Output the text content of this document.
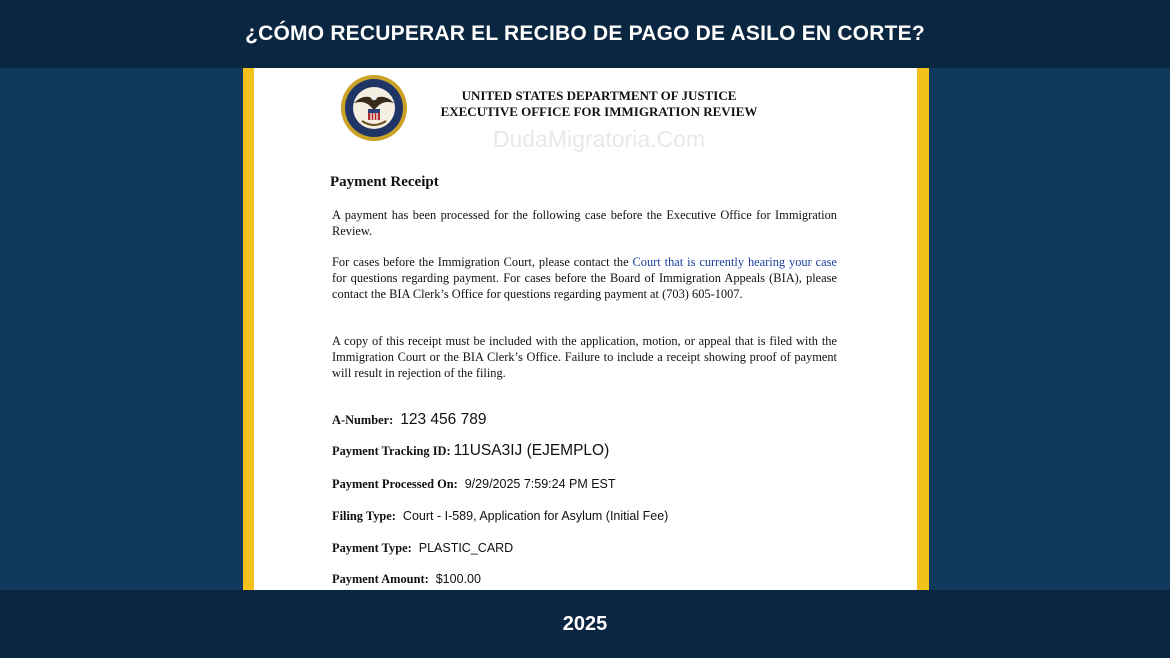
¿CÓMO RECUPERAR EL RECIBO DE PAGO DE ASILO EN CORTE?
UNITED STATES DEPARTMENT OF JUSTICE
EXECUTIVE OFFICE FOR IMMIGRATION REVIEW
DudaMigratoria.Com
Payment Receipt

A payment has been processed for the following case before the Executive Office for Immigration Review.

For cases before the Immigration Court, please contact the Court that is currently hearing your case for questions regarding payment. For cases before the Board of Immigration Appeals (BIA), please contact the BIA Clerk’s Office for questions regarding payment at (703) 605-1007.

A copy of this receipt must be included with the application, motion, or appeal that is filed with the Immigration Court or the BIA Clerk’s Office. Failure to include a receipt showing proof of payment will result in rejection of the filing.

A-Number: 123 456 789
Payment Tracking ID: 11USA3IJ (EJEMPLO)
Payment Processed On: 9/29/2025 7:59:24 PM EST
Filing Type: Court - I-589, Application for Asylum (Initial Fee)
Payment Type: PLASTIC_CARD
Payment Amount: $100.00
2025
